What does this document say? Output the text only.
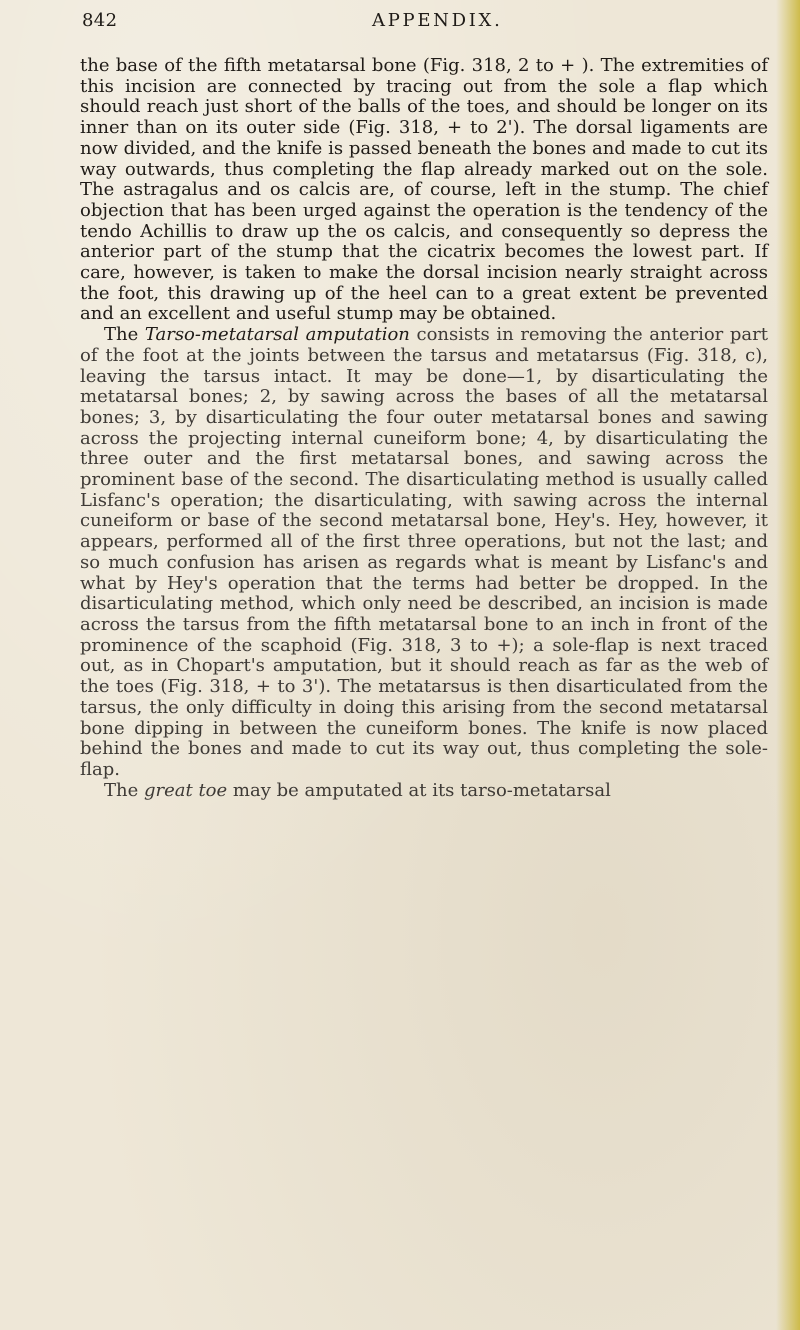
842	APPENDIX.

the base of the fifth metatarsal bone (Fig. 318, 2 to + ). The extremities of this incision are connected by tracing out from the sole a flap which should reach just short of the balls of the toes, and should be longer on its inner than on its outer side (Fig. 318, + to 2'). The dorsal ligaments are now divided, and the knife is passed beneath the bones and made to cut its way outwards, thus completing the flap already marked out on the sole. The astragalus and os calcis are, of course, left in the stump. The chief objection that has been urged against the operation is the tendency of the tendo Achillis to draw up the os calcis, and consequently so depress the anterior part of the stump that the cicatrix becomes the lowest part. If care, however, is taken to make the dorsal incision nearly straight across the foot, this drawing up of the heel can to a great extent be prevented and an excellent and useful stump may be obtained.

The Tarso-metatarsal amputation consists in removing the anterior part of the foot at the joints between the tarsus and metatarsus (Fig. 318, c), leaving the tarsus intact. It may be done—1, by disarticulating the metatarsal bones; 2, by sawing across the bases of all the metatarsal bones; 3, by disarticulating the four outer metatarsal bones and sawing across the projecting internal cuneiform bone; 4, by disarticulating the three outer and the first metatarsal bones, and sawing across the prominent base of the second. The disarticulating method is usually called Lisfanc's operation; the disarticulating, with sawing across the internal cuneiform or base of the second metatarsal bone, Hey's. Hey, however, it appears, performed all of the first three operations, but not the last; and so much confusion has arisen as regards what is meant by Lisfanc's and what by Hey's operation that the terms had better be dropped. In the disarticulating method, which only need be described, an incision is made across the tarsus from the fifth metatarsal bone to an inch in front of the prominence of the scaphoid (Fig. 318, 3 to +); a sole-flap is next traced out, as in Chopart's amputation, but it should reach as far as the web of the toes (Fig. 318, + to 3'). The metatarsus is then disarticulated from the tarsus, the only difficulty in doing this arising from the second metatarsal bone dipping in between the cuneiform bones. The knife is now placed behind the bones and made to cut its way out, thus completing the sole-flap.

The great toe may be amputated at its tarso-metatarsal
